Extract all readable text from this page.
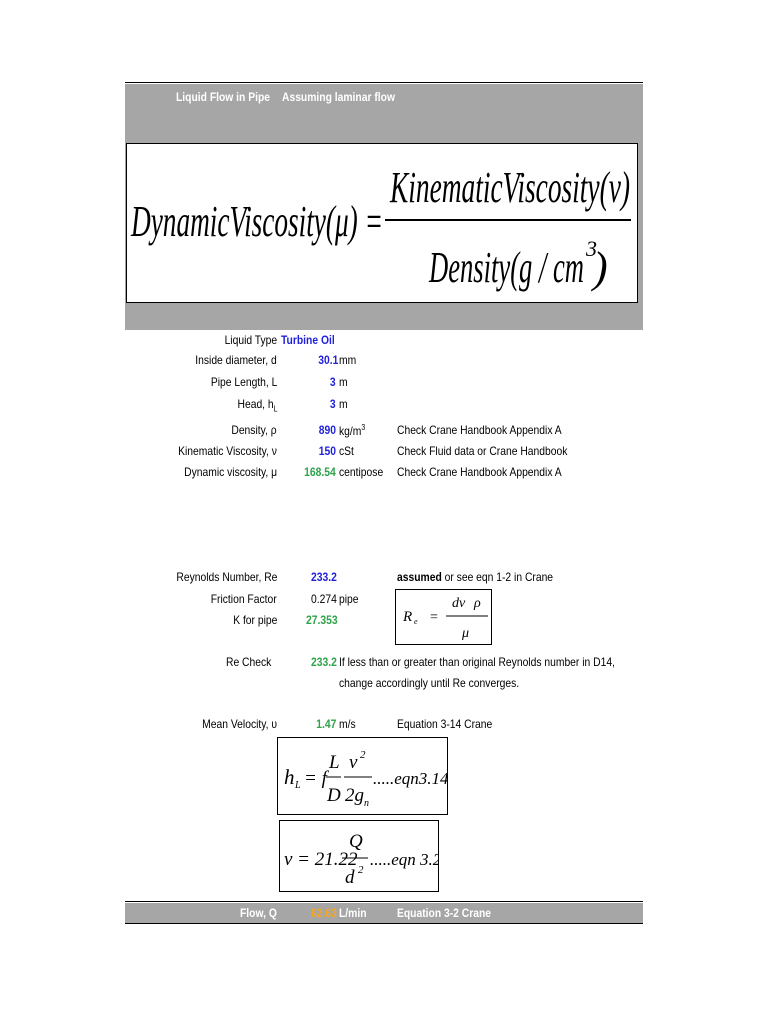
Liquid Flow in Pipe Assuming laminar flow
DynamicViscosity(μ) =
KinematicViscosity(ν)
Density(g / cm 3
)
Liquid Type Turbine Oil
Inside diameter, d	30.1 mm
Pipe Length, L	3 m
Head, $h_L$	3 m
Density, ρ	890 $kg/m^3$	Check Crane Handbook Appendix A
Kinematic Viscosity, ν	150 cSt	Check Fluid data or Crane Handbook
Dynamic viscosity, μ 168.54 centipose Check Crane Handbook Appendix A
Reynolds Number, Re	233.2	assumed or see eqn 1-2 in Crane
Friction Factor	0.274 pipe
K for pipe 27.353	R e =
dv ρ
μ
Re Check	233.2 If less than or greater than original Reynolds number in D14,
change accordingly until Re converges.
Mean Velocity, υ	1.47 m/s	Equation 3-14 Crane
h L = f
L
D
v 2
2g n
.....eqn3.14
v = 21.22
Q
d 2
.....eqn 3.2
Flow, Q	62.63 L/min	Equation 3-2 Crane
